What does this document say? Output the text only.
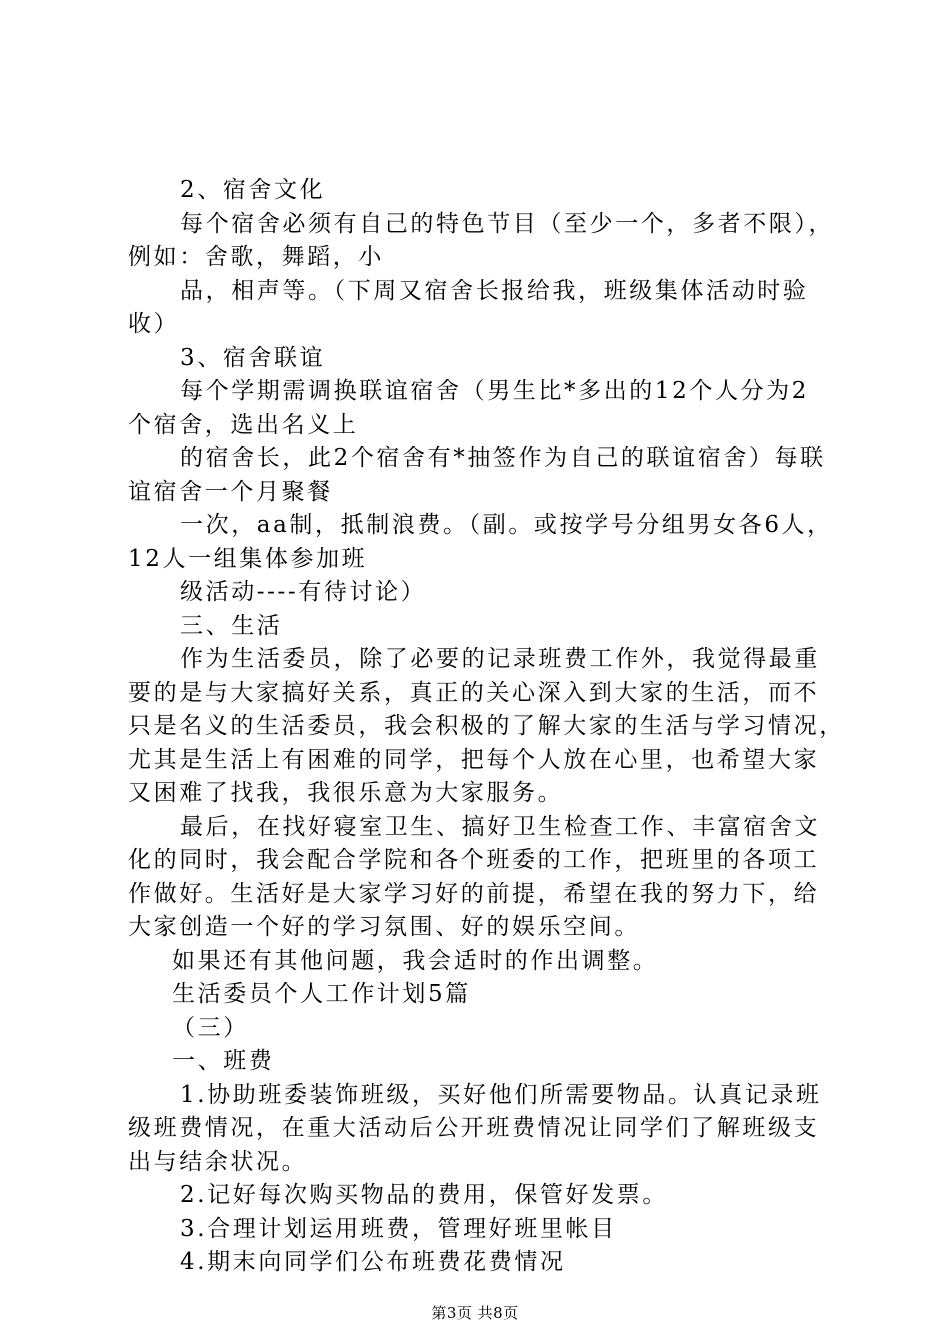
2、宿舍文化
每个宿舍必须有自己的特色节目（至少一个，多者不限），
例如：舍歌，舞蹈，小
品，相声等。（下周又宿舍长报给我，班级集体活动时验
收）
3、宿舍联谊
每个学期需调换联谊宿舍（男生比*多出的12个人分为2
个宿舍，选出名义上
的宿舍长，此2个宿舍有*抽签作为自己的联谊宿舍）每联
谊宿舍一个月聚餐
一次，aa制，抵制浪费。（副。或按学号分组男女各6人，
12人一组集体参加班
级活动----有待讨论）
三、生活
作为生活委员，除了必要的记录班费工作外，我觉得最重
要的是与大家搞好关系，真正的关心深入到大家的生活，而不
只是名义的生活委员，我会积极的了解大家的生活与学习情况，
尤其是生活上有困难的同学，把每个人放在心里，也希望大家
又困难了找我，我很乐意为大家服务。
最后，在找好寝室卫生、搞好卫生检查工作、丰富宿舍文
化的同时，我会配合学院和各个班委的工作，把班里的各项工
作做好。生活好是大家学习好的前提，希望在我的努力下，给
大家创造一个好的学习氛围、好的娱乐空间。
如果还有其他问题，我会适时的作出调整。
生活委员个人工作计划5篇
（三）
一、班费
1.协助班委装饰班级，买好他们所需要物品。认真记录班
级班费情况，在重大活动后公开班费情况让同学们了解班级支
出与结余状况。
2.记好每次购买物品的费用，保管好发票。
3.合理计划运用班费，管理好班里帐目
4.期末向同学们公布班费花费情况
第3页 共8页
